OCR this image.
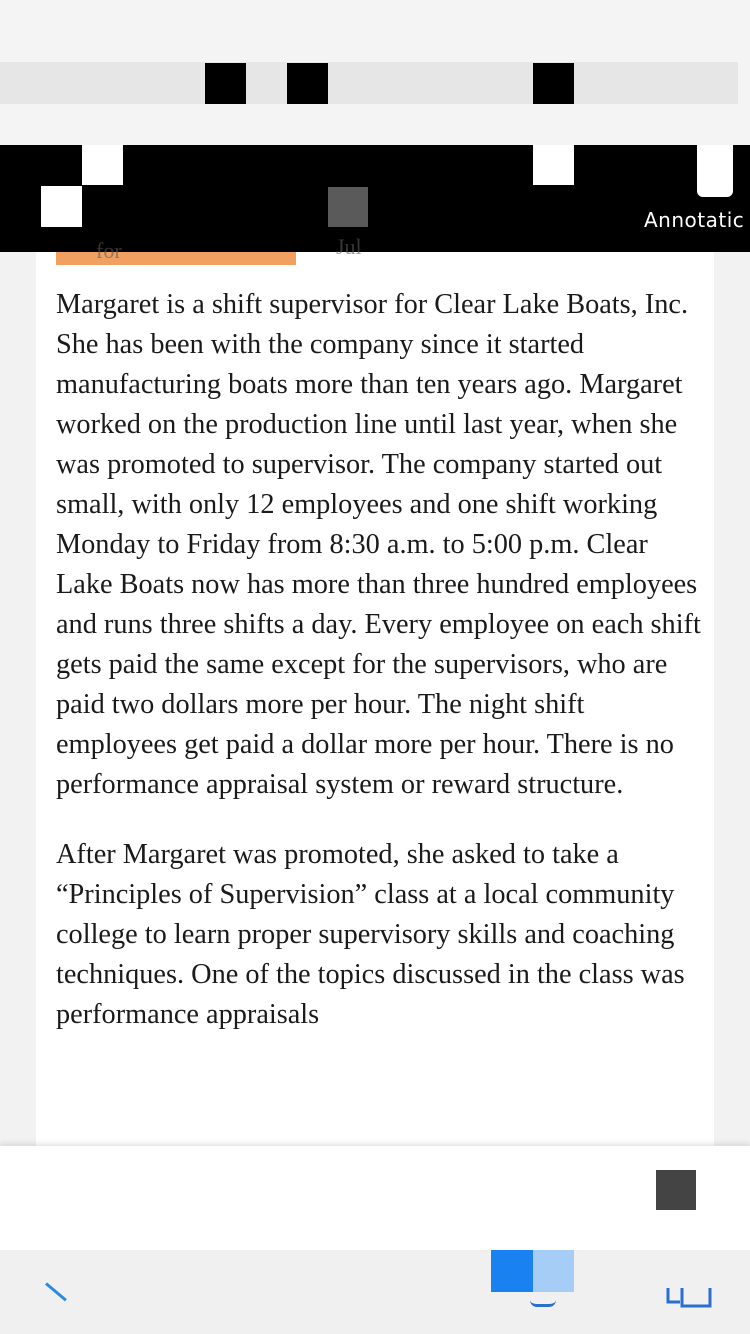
Annotatic
for	Jul

Margaret is a shift supervisor for Clear Lake Boats, Inc. She has been with the company since it started manufacturing boats more than ten years ago. Margaret worked on the production line until last year, when she was promoted to supervisor. The company started out small, with only 12 employees and one shift working Monday to Friday from 8:30 a.m. to 5:00 p.m. Clear Lake Boats now has more than three hundred employees and runs three shifts a day. Every employee on each shift gets paid the same except for the supervisors, who are paid two dollars more per hour. The night shift employees get paid a dollar more per hour. There is no performance appraisal system or reward structure.

After Margaret was promoted, she asked to take a “Principles of Supervision” class at a local community college to learn proper supervisory skills and coaching techniques. One of the topics discussed in the class was performance appraisals
